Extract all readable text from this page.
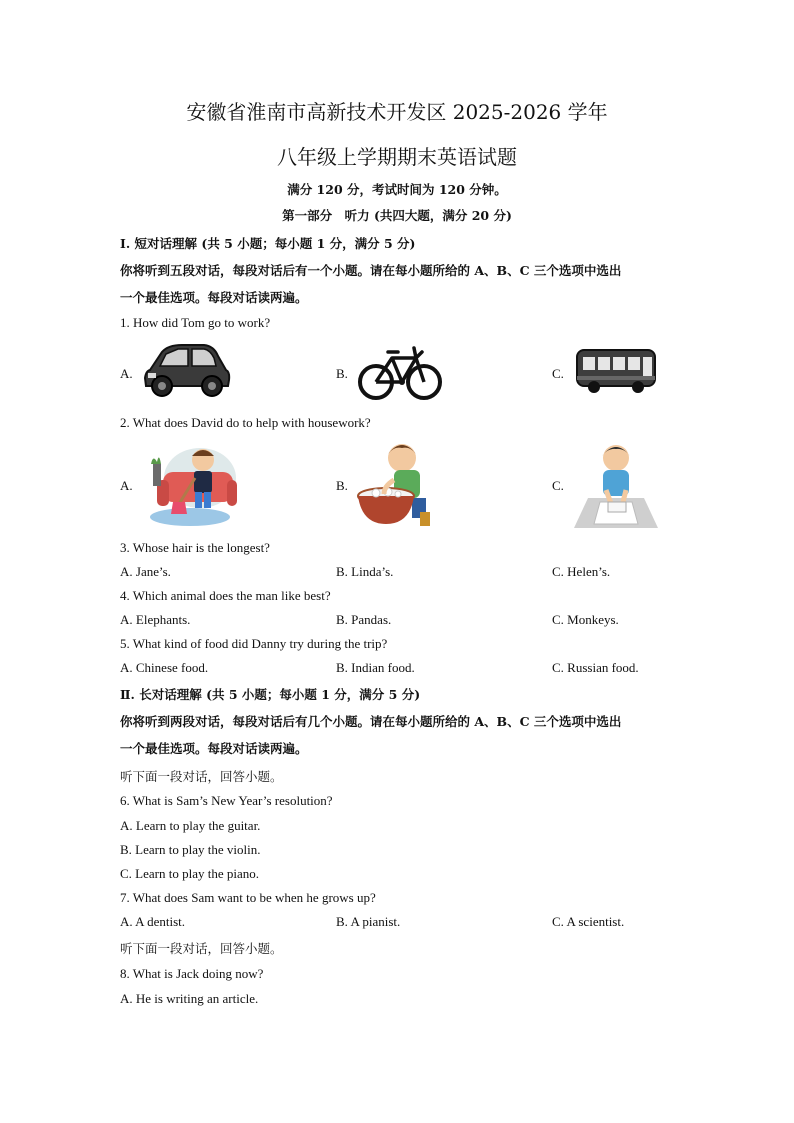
安徽省淮南市高新技术开发区 2025-2026 学年
八年级上学期期末英语试题
满分 120 分，考试时间为 120 分钟。
第一部分　听力 (共四大题，满分 20 分)
Ⅰ. 短对话理解 (共 5 小题；每小题 1 分，满分 5 分)
你将听到五段对话，每段对话后有一个小题。请在每小题所给的 A、B、C 三个选项中选出
一个最佳选项。每段对话读两遍。
1. How did Tom go to work?
A.	B.	C.
2. What does David do to help with housework?
A.	B.	C.
3. Whose hair is the longest?
A. Jane’s.	B. Linda’s.	C. Helen’s.
4. Which animal does the man like best?
A. Elephants.	B. Pandas.	C. Monkeys.
5. What kind of food did Danny try during the trip?
A. Chinese food.	B. Indian food.	C. Russian food.
Ⅱ. 长对话理解 (共 5 小题；每小题 1 分，满分 5 分)
你将听到两段对话，每段对话后有几个小题。请在每小题所给的 A、B、C 三个选项中选出
一个最佳选项。每段对话读两遍。
听下面一段对话，回答小题。
6. What is Sam’s New Year’s resolution?
A. Learn to play the guitar.
B. Learn to play the violin.
C. Learn to play the piano.
7. What does Sam want to be when he grows up?
A. A dentist.	B. A pianist.	C. A scientist.
听下面一段对话，回答小题。
8. What is Jack doing now?
A. He is writing an article.
